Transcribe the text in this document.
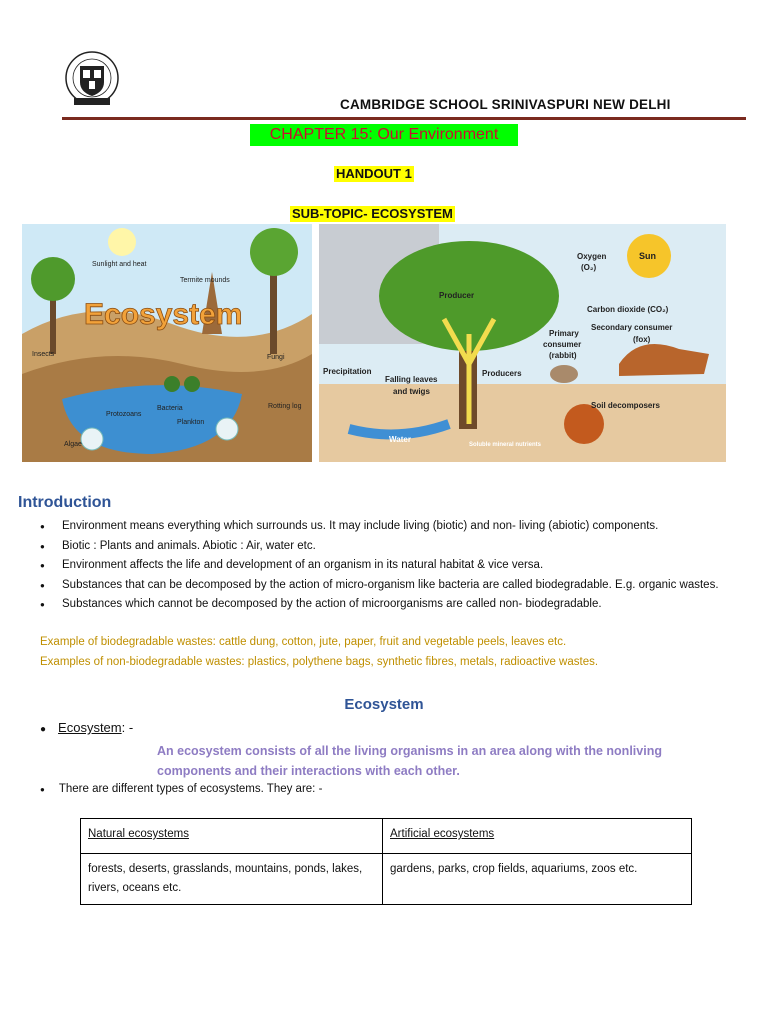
CAMBRIDGE SCHOOL SRINIVASPURI NEW DELHI
CHAPTER 15: Our Environment
HANDOUT 1
SUB-TOPIC- ECOSYSTEM
Ecosystem
Sunlight and heat
Termite mounds
Insects	Fungi
Protozoans
Bacteria
Plankton
Rotting log
Algae
Oxygen
(O₂)
Sun
Producer
Carbon dioxide (CO₂)
Secondary consumer
(fox)
Primary
consumer
(rabbit)
Precipitation
Falling leaves
and twigs
Producers
Soil decomposers
Water
Soluble mineral nutrients
Introduction
● Environment means everything which surrounds us. It may include living (biotic) and non- living (abiotic) components.
● Biotic : Plants and animals. Abiotic : Air, water etc.
● Environment affects the life and development of an organism in its natural habitat & vice versa.
● Substances that can be decomposed by the action of micro-organism like bacteria are called biodegradable. E.g. organic wastes.
● Substances which cannot be decomposed by the action of microorganisms are called non- biodegradable.
Example of biodegradable wastes: cattle dung, cotton, jute, paper, fruit and vegetable peels, leaves etc.
Examples of non-biodegradable wastes: plastics, polythene bags, synthetic fibres, metals, radioactive wastes.
Ecosystem
● Ecosystem: -
An ecosystem consists of all the living organisms in an area along with the nonliving components and their interactions with each other.
● There are different types of ecosystems. They are: -
Natural ecosystems	Artificial ecosystems
forests, deserts, grasslands, mountains, ponds, lakes, rivers, oceans etc.	gardens, parks, crop fields, aquariums, zoos etc.
